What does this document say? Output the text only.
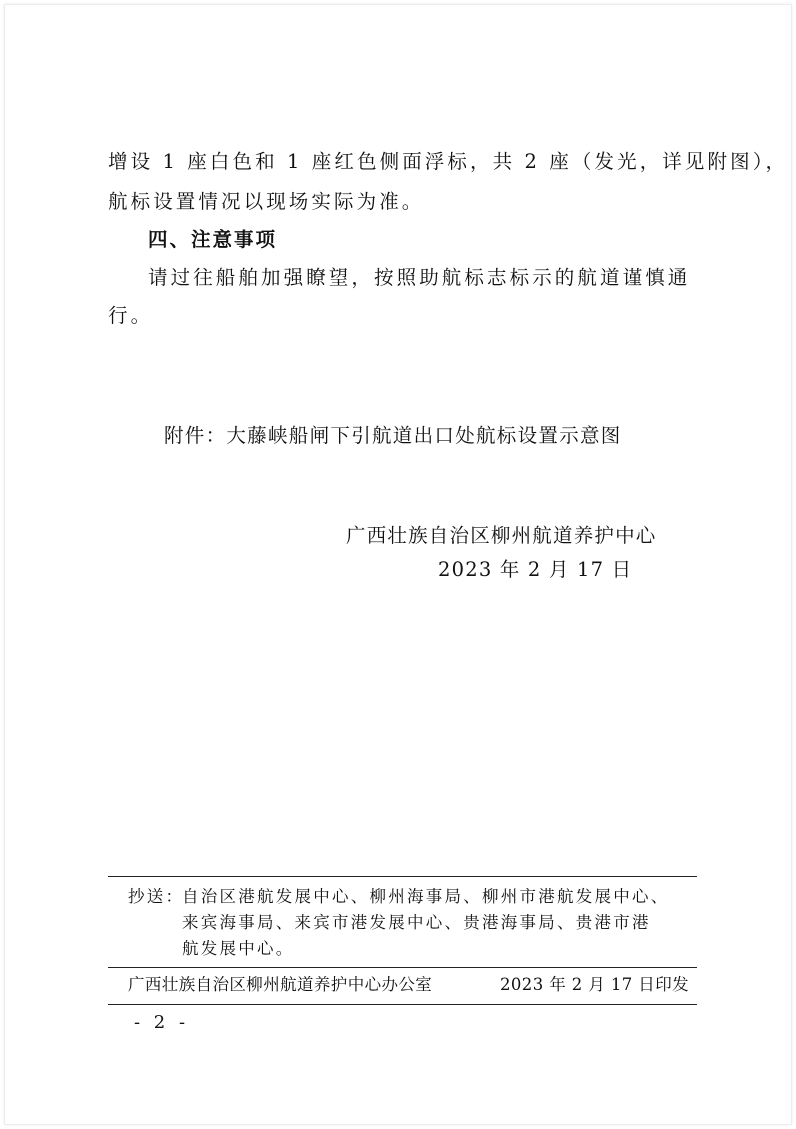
增设 1 座白色和 1 座红色侧面浮标，共 2 座（发光，详见附图），
航标设置情况以现场实际为准。
四、注意事项
请过往船舶加强瞭望，按照助航标志标示的航道谨慎通
行。
附件：大藤峡船闸下引航道出口处航标设置示意图
广西壮族自治区柳州航道养护中心
2023 年 2 月 17 日
抄送：
自治区港航发展中心、柳州海事局、柳州市港航发展中心、
来宾海事局、来宾市港发展中心、贵港海事局、贵港市港
航发展中心。
广西壮族自治区柳州航道养护中心办公室	2023 年 2 月 17 日印发
- 2 -
